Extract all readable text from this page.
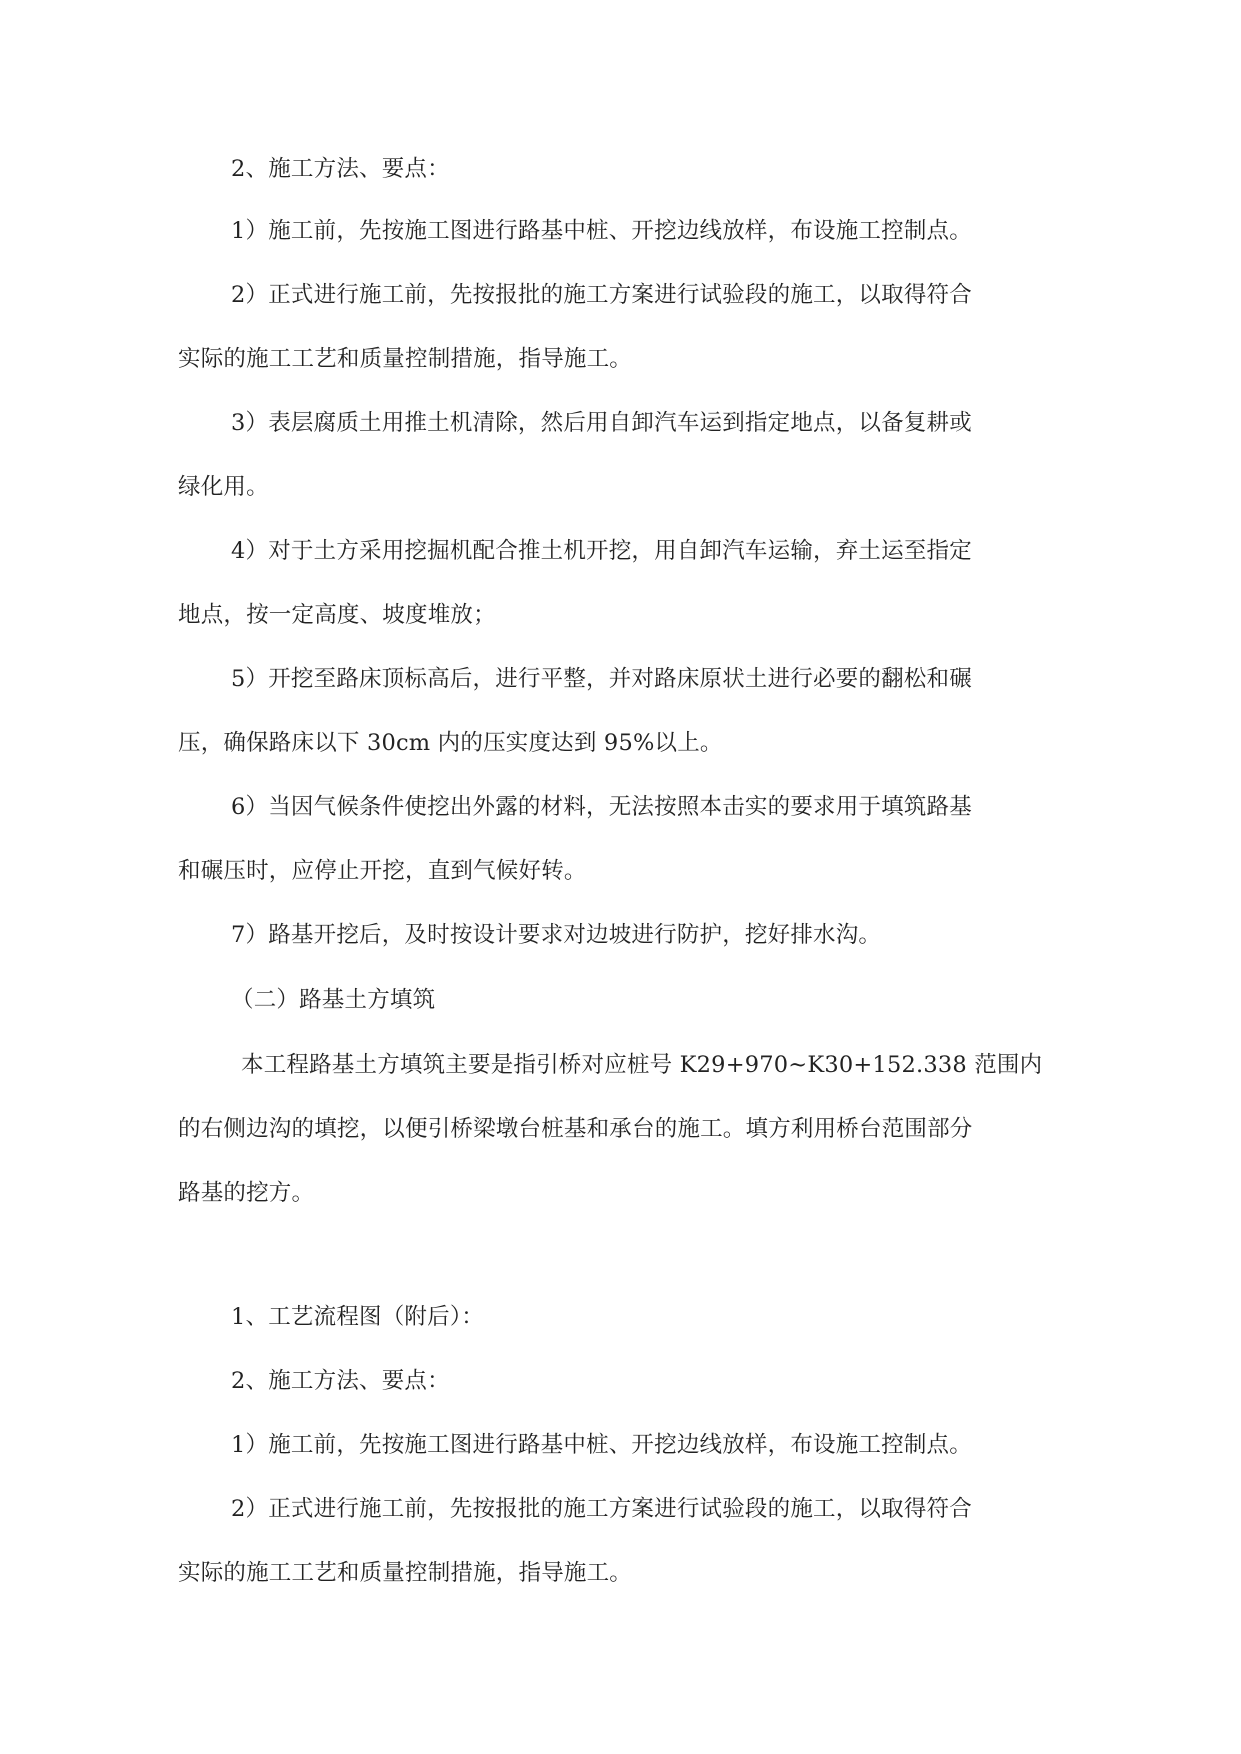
2、施工方法、要点：
1）施工前，先按施工图进行路基中桩、开挖边线放样，布设施工控制点。
2）正式进行施工前，先按报批的施工方案进行试验段的施工，以取得符合
实际的施工工艺和质量控制措施，指导施工。
3）表层腐质土用推土机清除，然后用自卸汽车运到指定地点，以备复耕或
绿化用。
4）对于土方采用挖掘机配合推土机开挖，用自卸汽车运输，弃土运至指定
地点，按一定高度、坡度堆放；
5）开挖至路床顶标高后，进行平整，并对路床原状土进行必要的翻松和碾
压，确保路床以下 30cm 内的压实度达到 95%以上。
6）当因气候条件使挖出外露的材料，无法按照本击实的要求用于填筑路基
和碾压时，应停止开挖，直到气候好转。
7）路基开挖后，及时按设计要求对边坡进行防护，挖好排水沟。
（二）路基土方填筑
本工程路基土方填筑主要是指引桥对应桩号 K29+970~K30+152.338 范围内
的右侧边沟的填挖，以便引桥梁墩台桩基和承台的施工。填方利用桥台范围部分
路基的挖方。
1、工艺流程图（附后）：
2、施工方法、要点：
1）施工前，先按施工图进行路基中桩、开挖边线放样，布设施工控制点。
2）正式进行施工前，先按报批的施工方案进行试验段的施工，以取得符合
实际的施工工艺和质量控制措施，指导施工。
